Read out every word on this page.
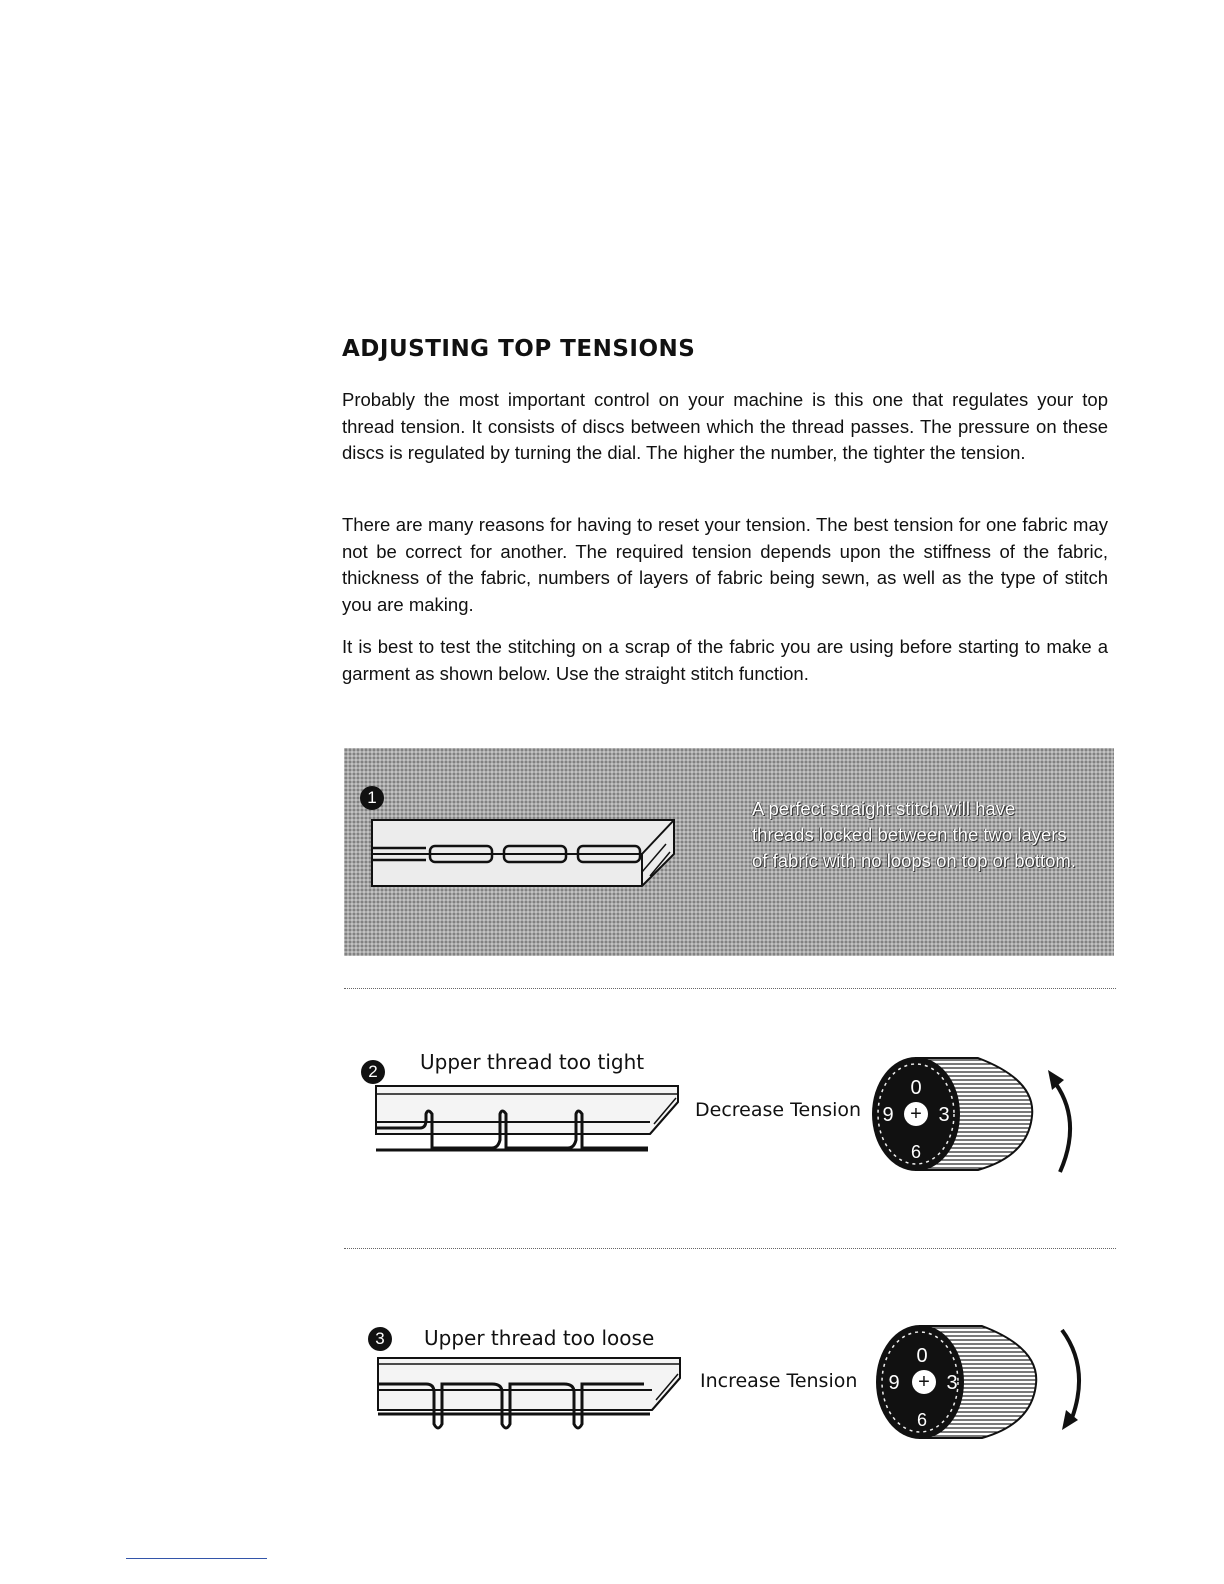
ADJUSTING TOP TENSIONS

Probably the most important control on your machine is this one that regulates your top thread tension. It consists of discs between which the thread passes. The pressure on these discs is regulated by turning the dial. The higher the number, the tighter the tension.

There are many reasons for having to reset your tension. The best tension for one fabric may not be correct for another. The required tension depends upon the stiffness of the fabric, thickness of the fabric, numbers of layers of fabric being sewn, as well as the type of stitch you are making.

It is best to test the stitching on a scrap of the fabric you are using before starting to make a garment as shown below. Use the straight stitch function.

1

A perfect straight stitch will have threads locked between the two layers of fabric with no loops on top or bottom.

2	Upper thread too tight
Decrease Tension +
0
9 3
6
3	Upper thread too loose
Increase Tension	+
0
9 3
6
